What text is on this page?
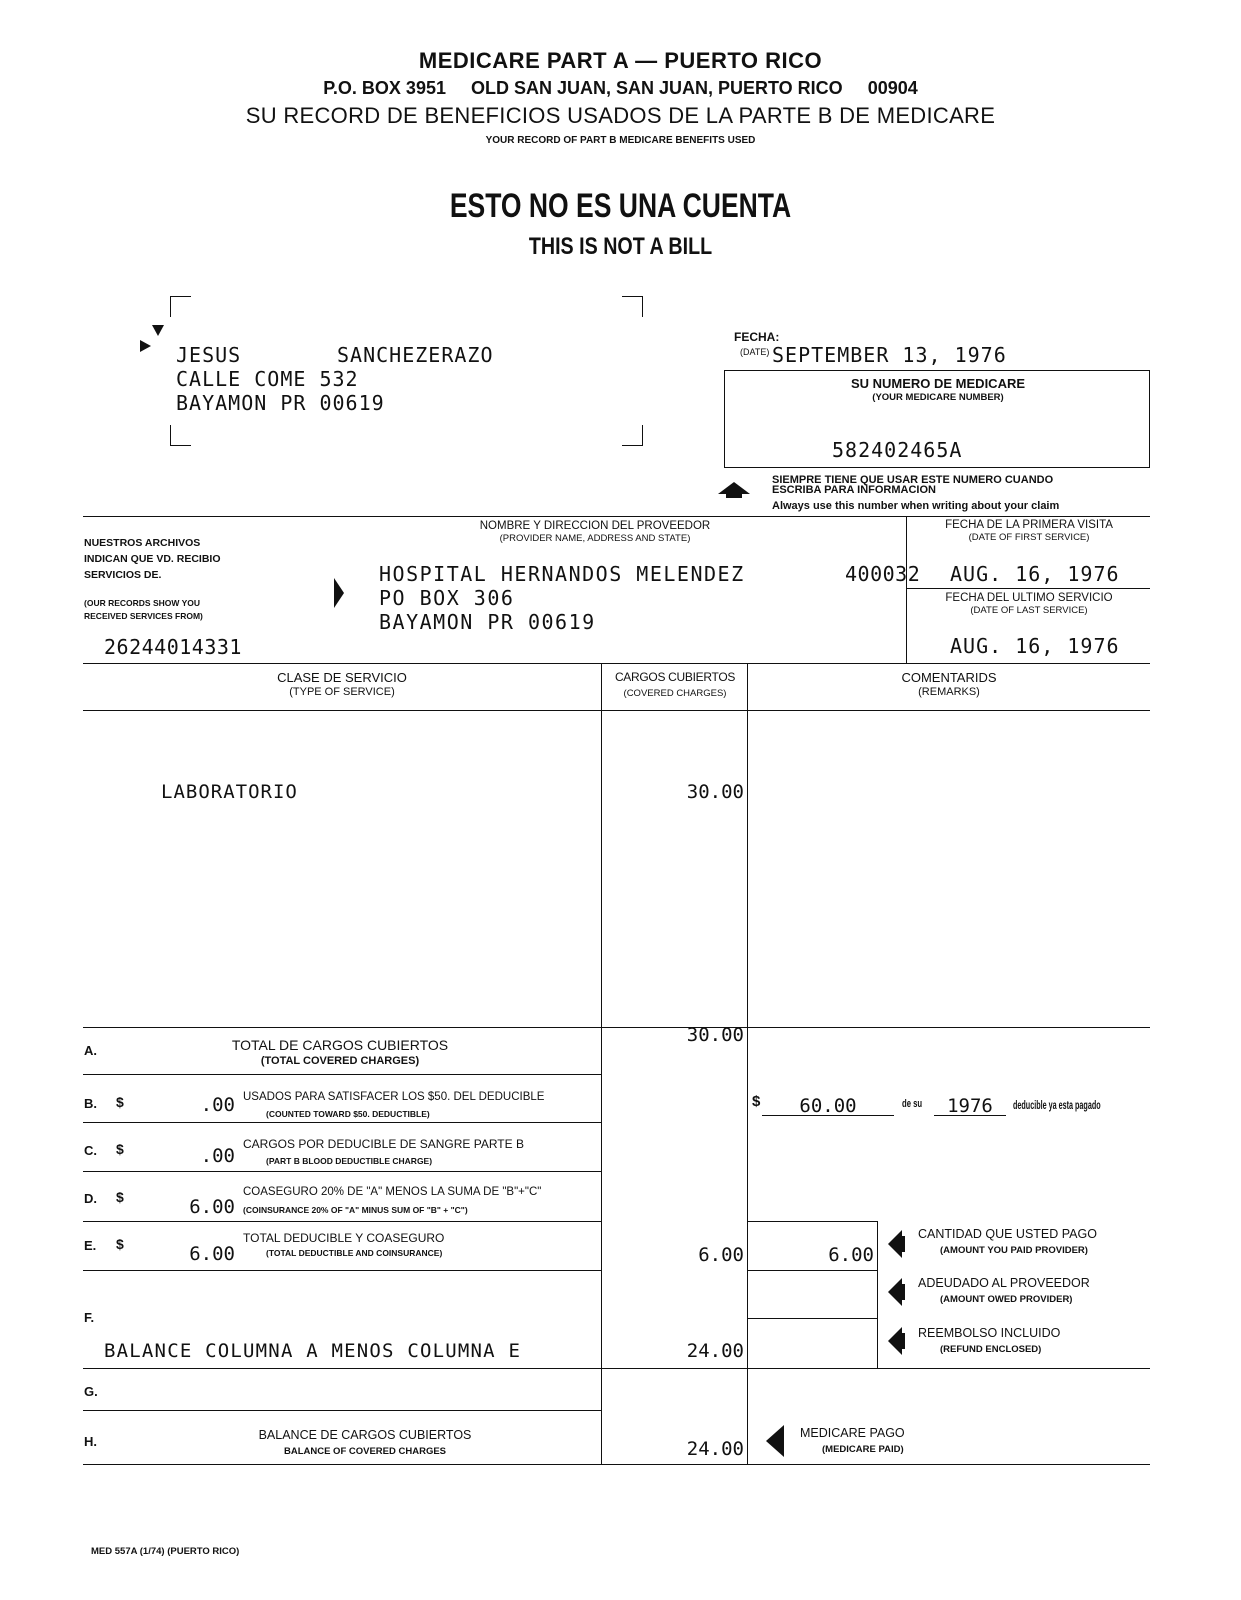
MEDICARE PART A — PUERTO RICO
P.O. BOX 3951     OLD SAN JUAN, SAN JUAN, PUERTO RICO     00904
SU RECORD DE BENEFICIOS USADOS DE LA PARTE B DE MEDICARE
YOUR RECORD OF PART B MEDICARE BENEFITS USED
ESTO NO ES UNA CUENTA
THIS IS NOT A BILL
JESUS	SANCHEZERAZO
CALLE COME 532
BAYAMON PR 00619
FECHA:
(DATE) SEPTEMBER 13, 1976
SU NUMERO DE MEDICARE
(YOUR MEDICARE NUMBER)
582402465A
SIEMPRE TIENE QUE USAR ESTE NUMERO CUANDO
ESCRIBA PARA INFORMACION
Always use this number when writing about your claim
NOMBRE Y DIRECCION DEL PROVEEDOR
(PROVIDER NAME, ADDRESS AND STATE)
NUESTROS ARCHIVOS
INDICAN QUE VD. RECIBIO
SERVICIOS DE.
(OUR RECORDS SHOW YOU
RECEIVED SERVICES FROM)
26244014331
HOSPITAL HERNANDOS MELENDEZ	400032
PO BOX 306
BAYAMON PR 00619
FECHA DE LA PRIMERA VISITA
(DATE OF FIRST SERVICE)
AUG. 16, 1976
FECHA DEL ULTIMO SERVICIO
(DATE OF LAST SERVICE)
AUG. 16, 1976
CLASE DE SERVICIO
(TYPE OF SERVICE)
CARGOS CUBIERTOS
(COVERED CHARGES)
COMENTARIDS
(REMARKS)
LABORATORIO	30.00
A.	TOTAL DE CARGOS CUBIERTOS
(TOTAL COVERED CHARGES)
30.00
B. $	.00 USADOS PARA SATISFACER LOS $50. DEL DEDUCIBLE
(COUNTED TOWARD $50. DEDUCTIBLE)
$	60.00	de su	1976	deducible ya esta pagado
C. $	.00
CARGOS POR DEDUCIBLE DE SANGRE PARTE B
(PART B BLOOD DEDUCTIBLE CHARGE)
D. $	6.00
COASEGURO 20% DE "A" MENOS LA SUMA DE "B"+"C"
(COINSURANCE 20% OF "A" MINUS SUM OF "B" + "C")
E. $	6.00
TOTAL DEDUCIBLE Y COASEGURO
(TOTAL DEDUCTIBLE AND COINSURANCE)	6.00	6.00
CANTIDAD QUE USTED PAGO
(AMOUNT YOU PAID PROVIDER)
ADEUDADO AL PROVEEDOR
(AMOUNT OWED PROVIDER)
F.
BALANCE COLUMNA A MENOS COLUMNA E	24.00
REEMBOLSO INCLUIDO
(REFUND ENCLOSED)
G.
H.	BALANCE DE CARGOS CUBIERTOS
BALANCE OF COVERED CHARGES	24.00
MEDICARE PAGO
(MEDICARE PAID)
MED 557A (1/74) (PUERTO RICO)
